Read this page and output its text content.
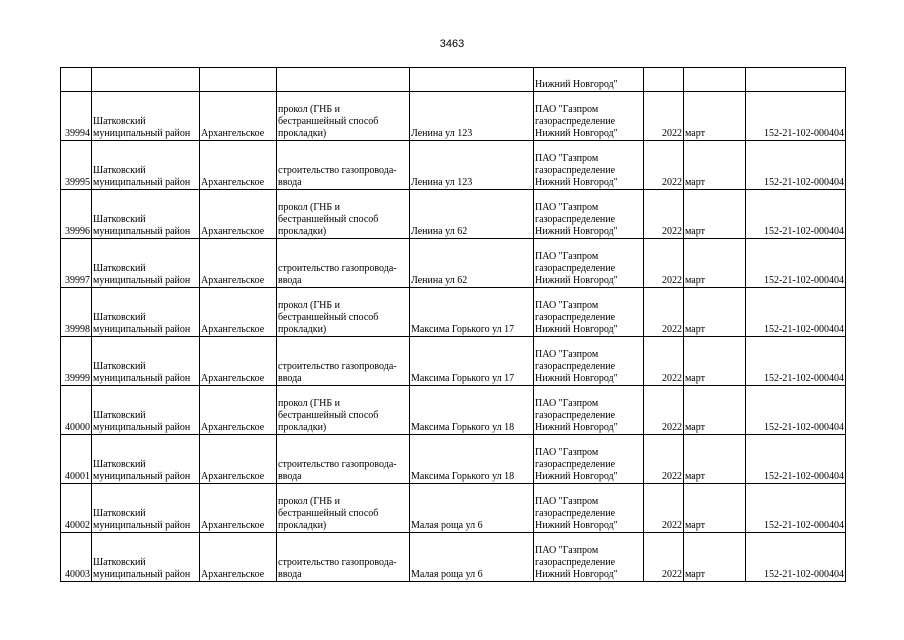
3463
					Нижний Новгород"			
39994	Шатковский муниципальный район	Архангельское	прокол (ГНБ и бестраншейный способ прокладки)	Ленина ул 123	ПАО "Газпром газораспределение Нижний Новгород"	2022	март	152-21-102-000404
39995	Шатковский муниципальный район	Архангельское	строительство газопровода-ввода	Ленина ул 123	ПАО "Газпром газораспределение Нижний Новгород"	2022	март	152-21-102-000404
39996	Шатковский муниципальный район	Архангельское	прокол (ГНБ и бестраншейный способ прокладки)	Ленина ул 62	ПАО "Газпром газораспределение Нижний Новгород"	2022	март	152-21-102-000404
39997	Шатковский муниципальный район	Архангельское	строительство газопровода-ввода	Ленина ул 62	ПАО "Газпром газораспределение Нижний Новгород"	2022	март	152-21-102-000404
39998	Шатковский муниципальный район	Архангельское	прокол (ГНБ и бестраншейный способ прокладки)	Максима Горького ул 17	ПАО "Газпром газораспределение Нижний Новгород"	2022	март	152-21-102-000404
39999	Шатковский муниципальный район	Архангельское	строительство газопровода-ввода	Максима Горького ул 17	ПАО "Газпром газораспределение Нижний Новгород"	2022	март	152-21-102-000404
40000	Шатковский муниципальный район	Архангельское	прокол (ГНБ и бестраншейный способ прокладки)	Максима Горького ул 18	ПАО "Газпром газораспределение Нижний Новгород"	2022	март	152-21-102-000404
40001	Шатковский муниципальный район	Архангельское	строительство газопровода-ввода	Максима Горького ул 18	ПАО "Газпром газораспределение Нижний Новгород"	2022	март	152-21-102-000404
40002	Шатковский муниципальный район	Архангельское	прокол (ГНБ и бестраншейный способ прокладки)	Малая роща ул 6	ПАО "Газпром газораспределение Нижний Новгород"	2022	март	152-21-102-000404
40003	Шатковский муниципальный район	Архангельское	строительство газопровода-ввода	Малая роща ул 6	ПАО "Газпром газораспределение Нижний Новгород"	2022	март	152-21-102-000404
